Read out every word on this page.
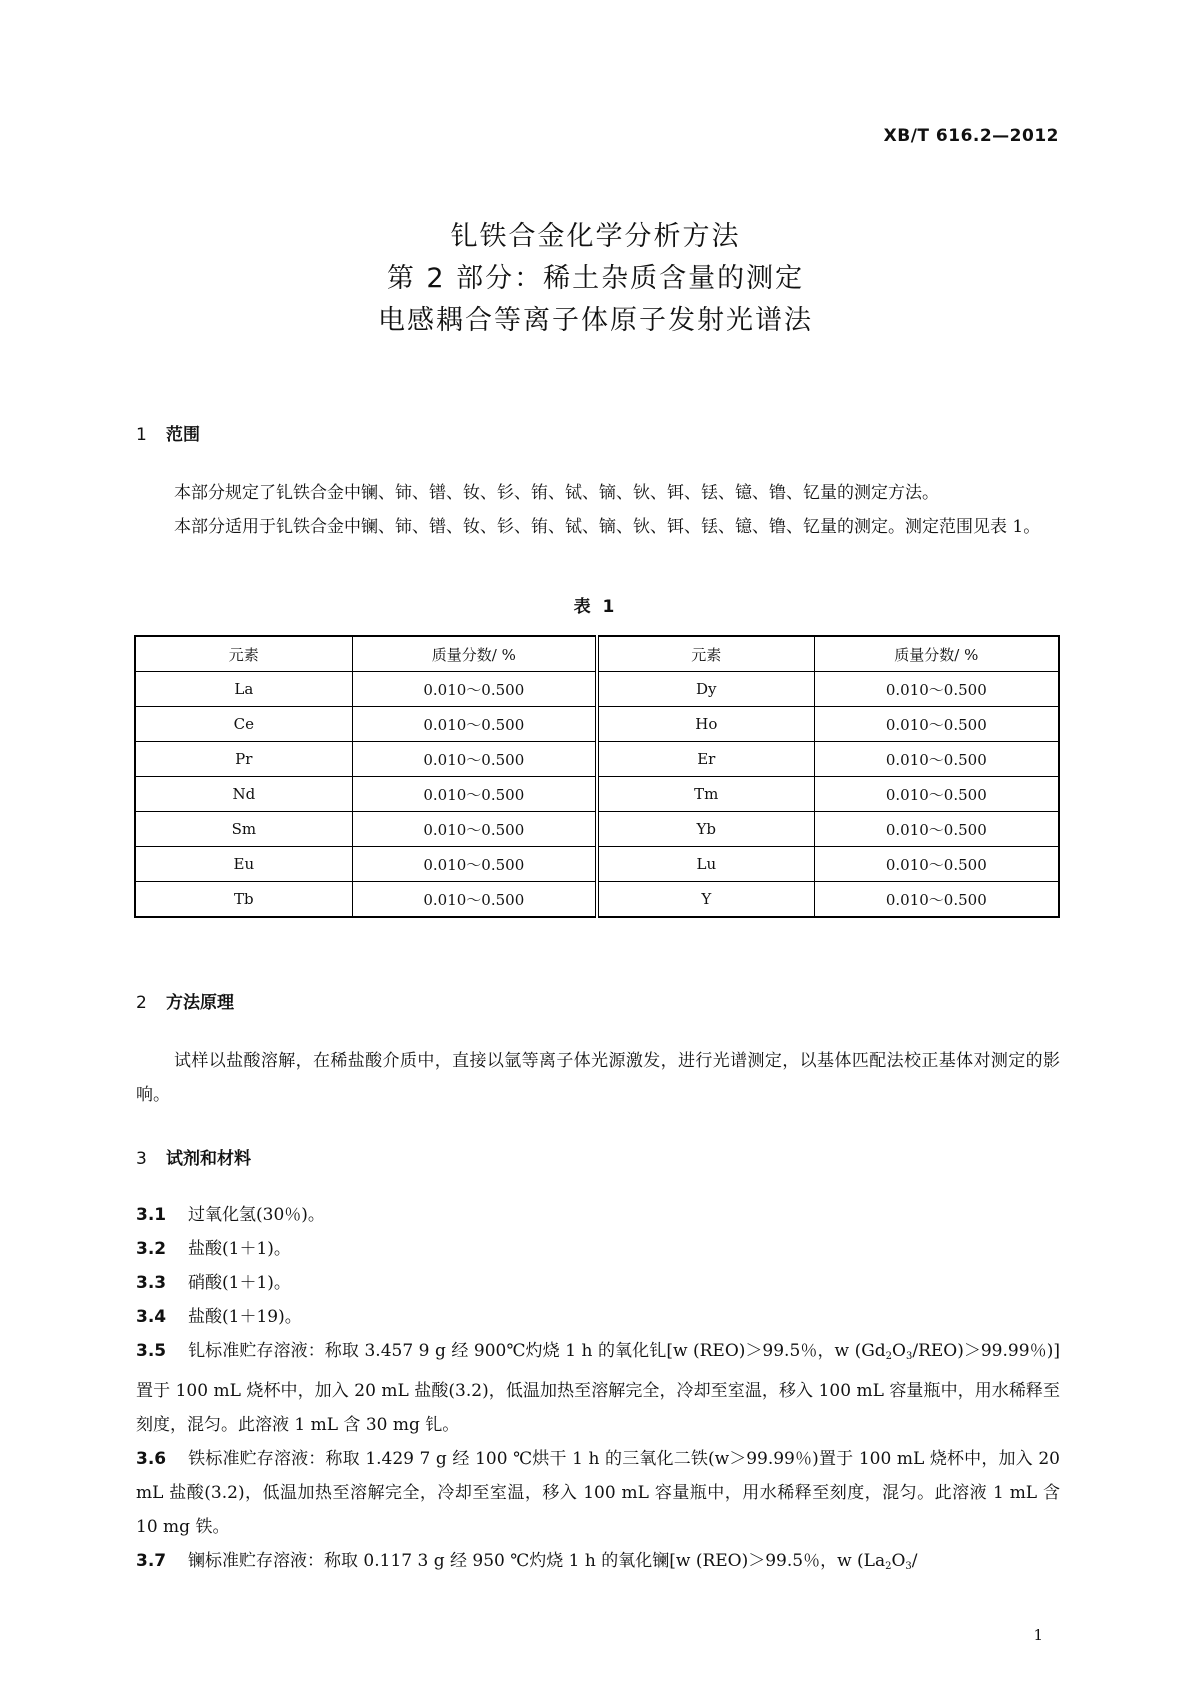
XB/T 616.2—2012
钆铁合金化学分析方法
第 2 部分：稀土杂质含量的测定
电感耦合等离子体原子发射光谱法
1 范围
本部分规定了钆铁合金中镧、铈、镨、钕、钐、铕、铽、镝、钬、铒、铥、镱、镥、钇量的测定方法。
本部分适用于钆铁合金中镧、铈、镨、钕、钐、铕、铽、镝、钬、铒、铥、镱、镥、钇量的测定。测定范围见表 1。
表 1
元素	质量分数/ %	元素	质量分数/ %
La	0.010～0.500	Dy	0.010～0.500
Ce	0.010～0.500	Ho	0.010～0.500
Pr	0.010～0.500	Er	0.010～0.500
Nd	0.010～0.500	Tm	0.010～0.500
Sm	0.010～0.500	Yb	0.010～0.500
Eu	0.010～0.500	Lu	0.010～0.500
Tb	0.010～0.500	Y	0.010～0.500
2 方法原理
试样以盐酸溶解，在稀盐酸介质中，直接以氩等离子体光源激发，进行光谱测定，以基体匹配法校正基体对测定的影响。
3 试剂和材料
3.1 过氧化氢(30％)。
3.2 盐酸(1＋1)。
3.3 硝酸(1＋1)。
3.4 盐酸(1＋19)。
3.5 钆标准贮存溶液：称取 3.457 9 g 经 900℃灼烧 1 h 的氧化钆[w (REO)＞99.5％，w $(Gd_2O_3/REO)>99.99$％)]置于 100 mL 烧杯中，加入 20 mL 盐酸(3.2)，低温加热至溶解完全，冷却至室温，移入 100 mL 容量瓶中，用水稀释至刻度，混匀。此溶液 1 mL 含 30 mg 钆。
3.6 铁标准贮存溶液：称取 1.429 7 g 经 100 ℃烘干 1 h 的三氧化二铁(w＞99.99％)置于 100 mL 烧杯中，加入 20 mL 盐酸(3.2)，低温加热至溶解完全，冷却至室温，移入 100 mL 容量瓶中，用水稀释至刻度，混匀。此溶液 1 mL 含 10 mg 铁。
3.7 镧标准贮存溶液：称取 0.117 3 g 经 950 ℃灼烧 1 h 的氧化镧[w (REO)＞99.5％，w ($La_2O_3/$
1
